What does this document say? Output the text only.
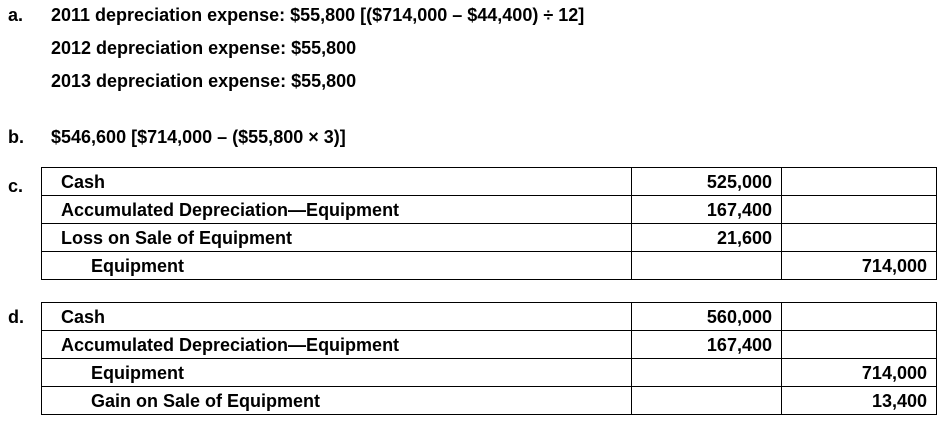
a. 2011 depreciation expense: $55,800 [($714,000 – $44,400) ÷ 12]
2012 depreciation expense: $55,800
2013 depreciation expense: $55,800
b. $546,600 [$714,000 – ($55,800 × 3)]
c. Cash	525,000	
Accumulated Depreciation—Equipment	167,400	
Loss on Sale of Equipment	21,600	
Equipment		714,000
d. Cash	560,000	
Accumulated Depreciation—Equipment	167,400	
Equipment		714,000
Gain on Sale of Equipment		13,400
